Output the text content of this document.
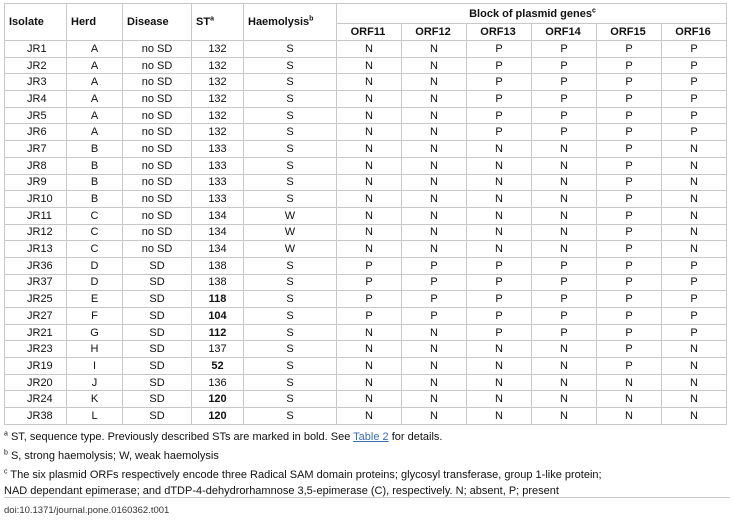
Isolate	Herd	Disease	$ST^a$	Haemolysis$^b$	Block of plasmid genes$^c$
					ORF11	ORF12	ORF13	ORF14	ORF15	ORF16
JR1	A	no SD	132	S	N	N	P	P	P	P
JR2	A	no SD	132	S	N	N	P	P	P	P
JR3	A	no SD	132	S	N	N	P	P	P	P
JR4	A	no SD	132	S	N	N	P	P	P	P
JR5	A	no SD	132	S	N	N	P	P	P	P
JR6	A	no SD	132	S	N	N	P	P	P	P
JR7	B	no SD	133	S	N	N	N	N	P	N
JR8	B	no SD	133	S	N	N	N	N	P	N
JR9	B	no SD	133	S	N	N	N	N	P	N
JR10	B	no SD	133	S	N	N	N	N	P	N
JR11	C	no SD	134	W	N	N	N	N	P	N
JR12	C	no SD	134	W	N	N	N	N	P	N
JR13	C	no SD	134	W	N	N	N	N	P	N
JR36	D	SD	138	S	P	P	P	P	P	P
JR37	D	SD	138	S	P	P	P	P	P	P
JR25	E	SD	118	S	P	P	P	P	P	P
JR27	F	SD	104	S	P	P	P	P	P	P
JR21	G	SD	112	S	N	N	P	P	P	P
JR23	H	SD	137	S	N	N	N	N	P	N
JR19	I	SD	52	S	N	N	N	N	P	N
JR20	J	SD	136	S	N	N	N	N	N	N
JR24	K	SD	120	S	N	N	N	N	N	N
JR38	L	SD	120	S	N	N	N	N	N	N
$^a$ ST, sequence type. Previously described STs are marked in bold. See Table 2 for details.
$^b$ S, strong haemolysis; W, weak haemolysis
$^c$ The six plasmid ORFs respectively encode three Radical SAM domain proteins; glycosyl transferase, group 1-like protein;
NAD dependant epimerase; and dTDP-4-dehydrorhamnose 3,5-epimerase (C), respectively. N; absent, P; present
doi:10.1371/journal.pone.0160362.t001
